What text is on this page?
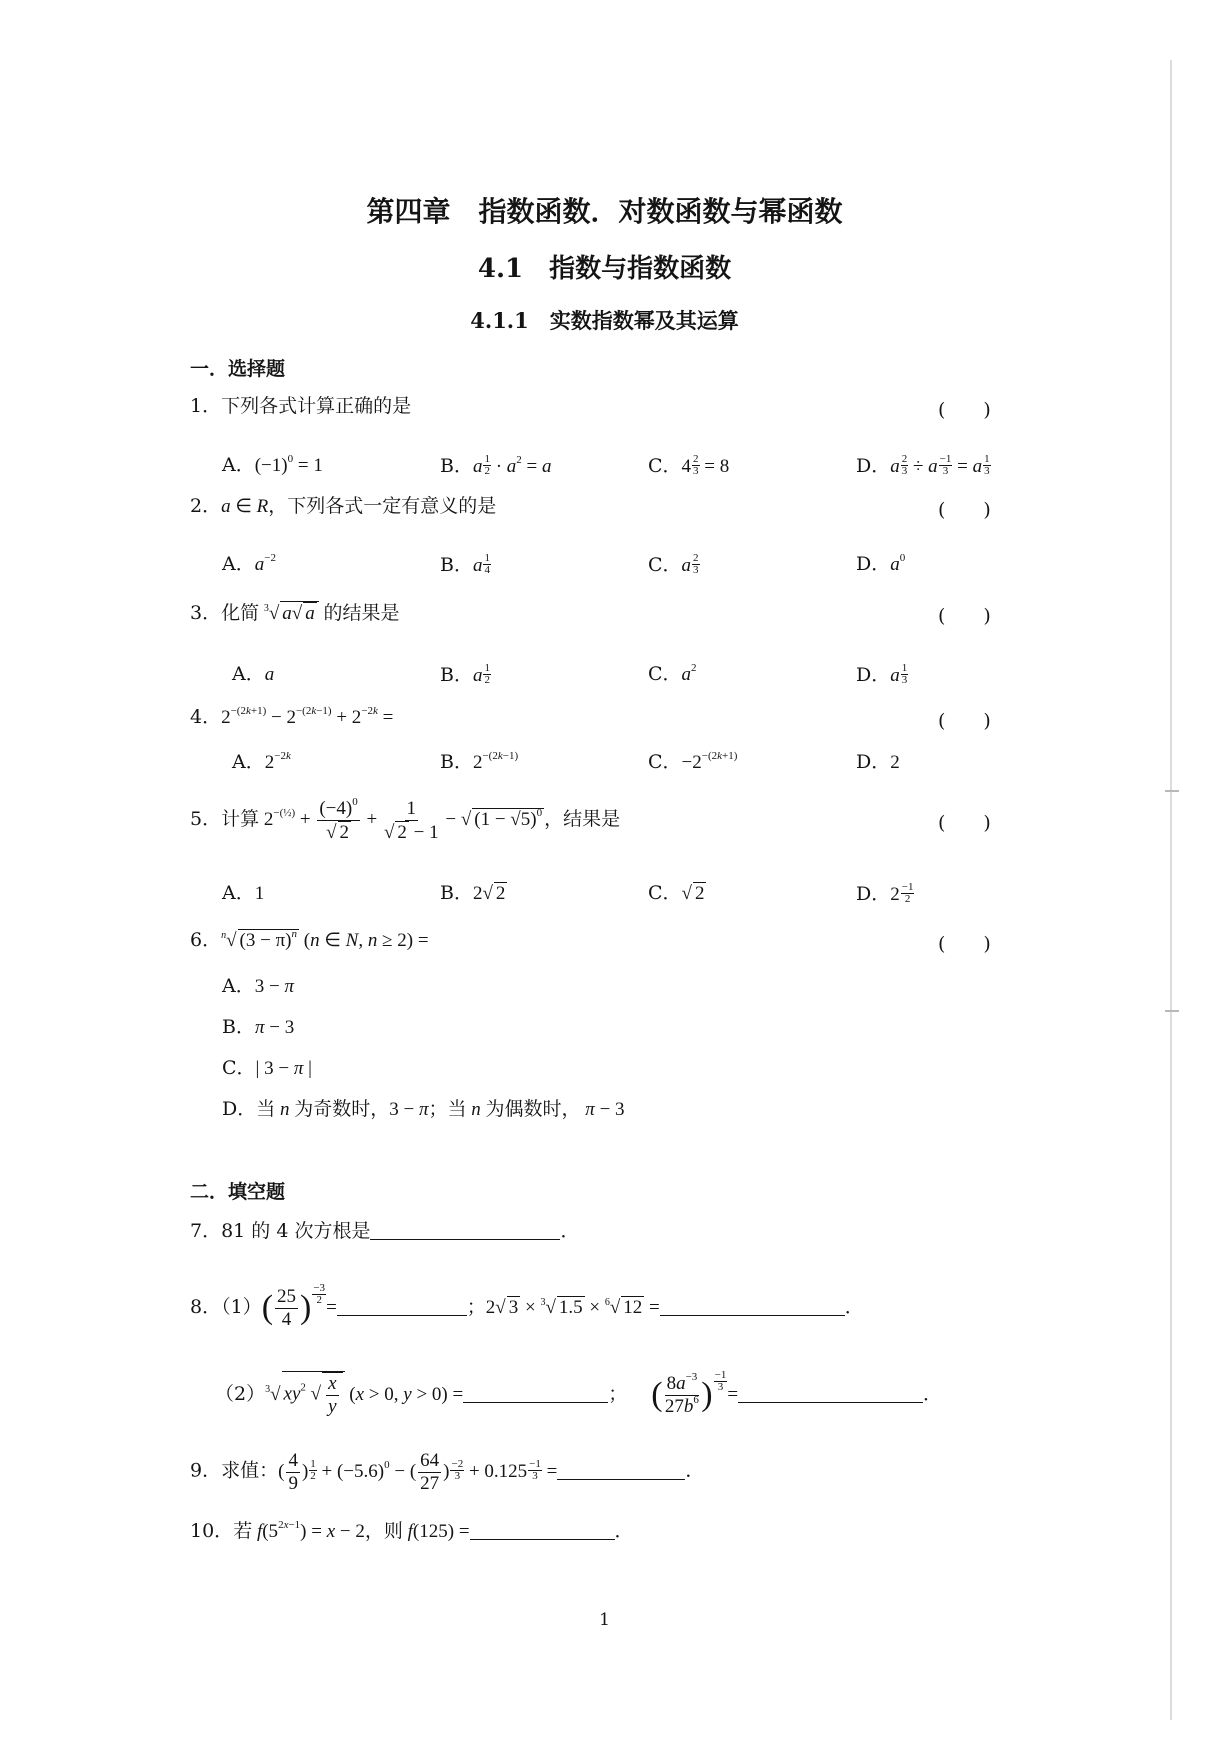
第四章　指数函数．对数函数与幂函数
4.1　指数与指数函数
4.1.1　实数指数幂及其运算
一．选择题
1．下列各式计算正确的是	(　　)
A．$(-1)^0 = 1$	B．a $\frac{1}{2} \cdot a^2 = a$	C．$4 \frac{2}{3} = 8$	D．a $\frac{2}{3} \div a \frac{-1}{3} = a \frac{1}{3}$
2．a ∈ R，下列各式一定有意义的是	(　　)
A．$a^{-2}$	B．a $\frac{1}{4}$	C．a $\frac{2}{3}$	D．$a^0$
3．化简 $^3$√ a√ a 的结果是	(　　)
A．a	B．a $\frac{1}{2}$	C．$a^2$	D．a $\frac{1}{3}$
4．$2^{-(2k+1)} - 2^{-(2k-1)} + 2^{-2k}$ =	(　　)
A．$2^{-2k}$	B．$2^{-(2k-1)}$	C．$-2^{-(2k+1)}$	D．2
5．计算 $2^{-(\frac{1}{2})} + \frac{(-4)^0}{√ 2} + \frac{1}{√ 2 - 1}$ − √ $(1 - √5)^0$ ，结果是	(　　)
A．1	B．2√ 2	C．√ 2	D．$2 \frac{-1}{2}$
6．$^n$√ $(3 - \pi)^n$ (n ∈ N, n ≥ 2) =	(　　)
A．3 − π
B．π − 3
C．| 3 − π |
D．当 n 为奇数时，3 − π；当 n 为偶数时， π − 3
二．填空题
7．81 的 4 次方根是	．
8．$(1)( \frac{25}{4}$ ) $\frac{-3}{2}$
=	；2√ 3 × $^3$√ 1.5 × $^6$√ 12 =	．
$(2)^3√$ $xy^2$ √ $\frac{x}{y} (x > 0$, y > 0) =	； ( $\frac{8a^{-3}}{27b^6}$ ) $\frac{-1}{3}$
=	．
9．求值：( $\frac{4}{9}$ ) $\frac{1}{2} + (-5.6)^0$ − ( $\frac{64}{27}$ ) $\frac{-2}{3} + 0.125 \frac{-1}{3}$ =	．
10．若 $f(5^{2x-1}) = x - 2$，则 f(125) =	．
1
